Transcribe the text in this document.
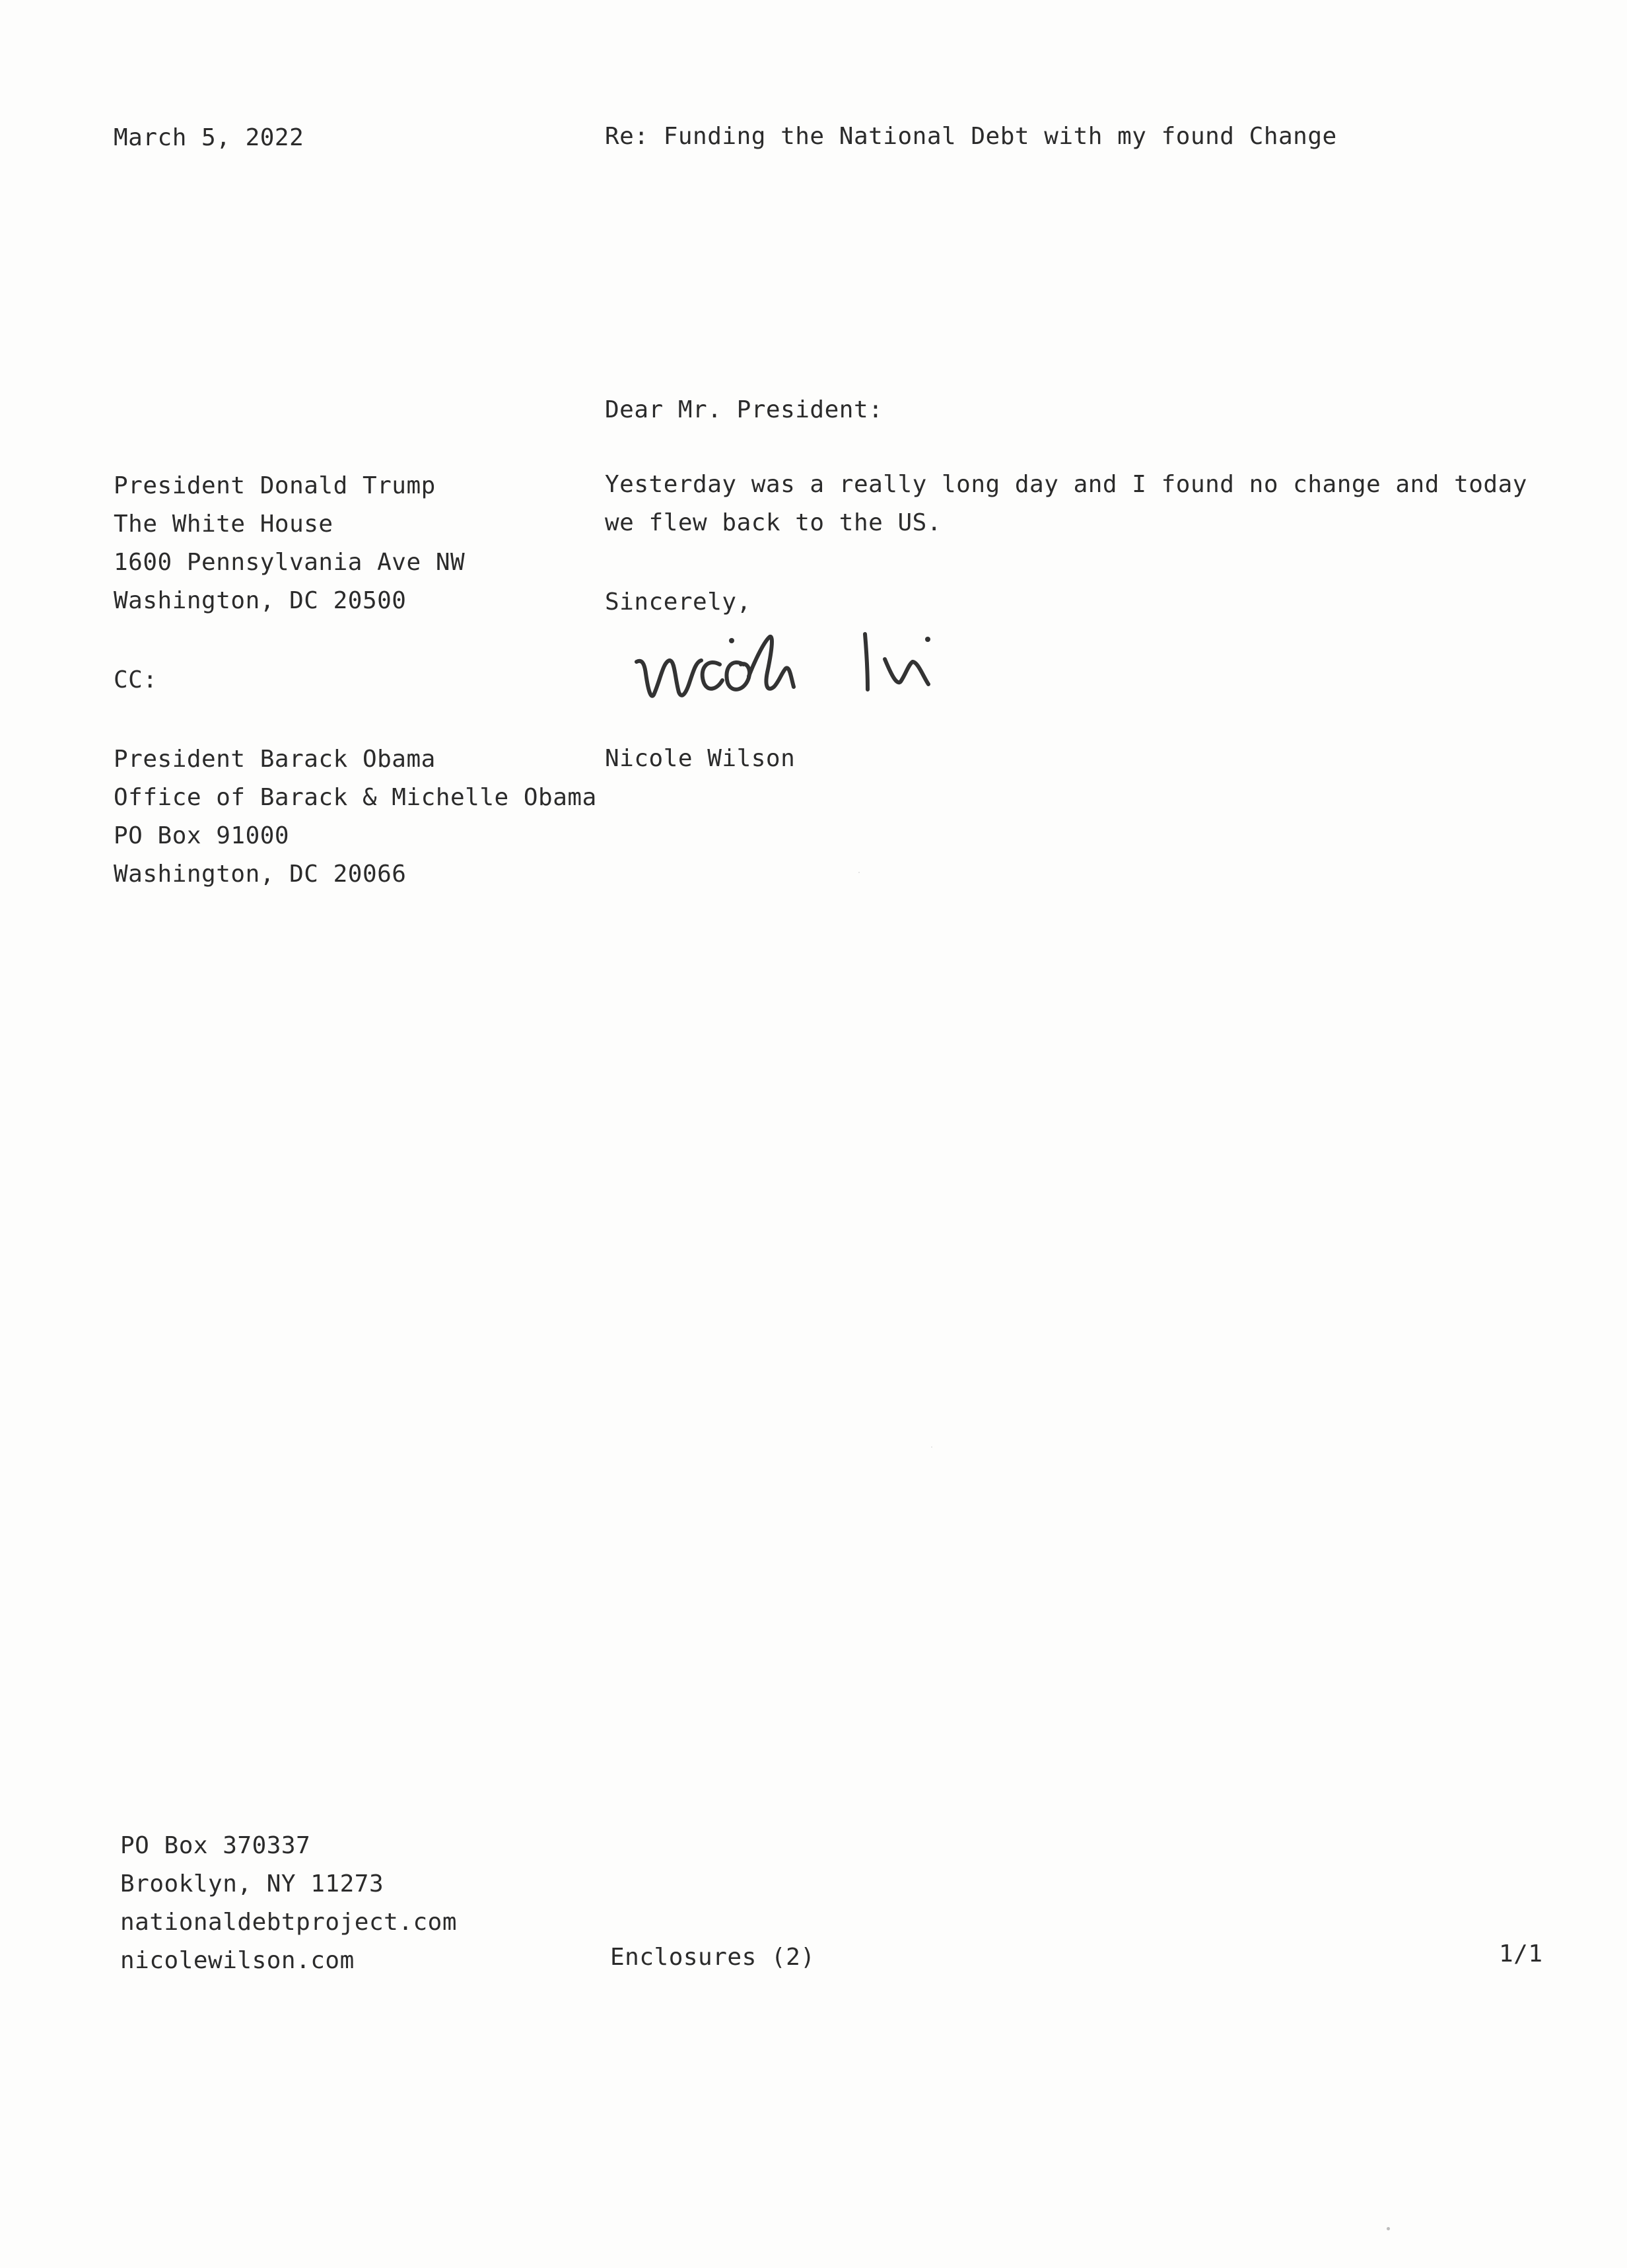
March 5, 2022	Re: Funding the National Debt with my found Change
Dear Mr. President:
President Donald Trump
The White House
1600 Pennsylvania Ave NW
Washington, DC 20500
Yesterday was a really long day and I found no change and today we flew back to the US.
Sincerely,
Nicole Wilson
CC:
President Barack Obama
Office of Barack & Michelle Obama
PO Box 91000
Washington, DC 20066
PO Box 370337
Brooklyn, NY 11273
nationaldebtproject.com
nicolewilson.com	Enclosures (2)	1/1
